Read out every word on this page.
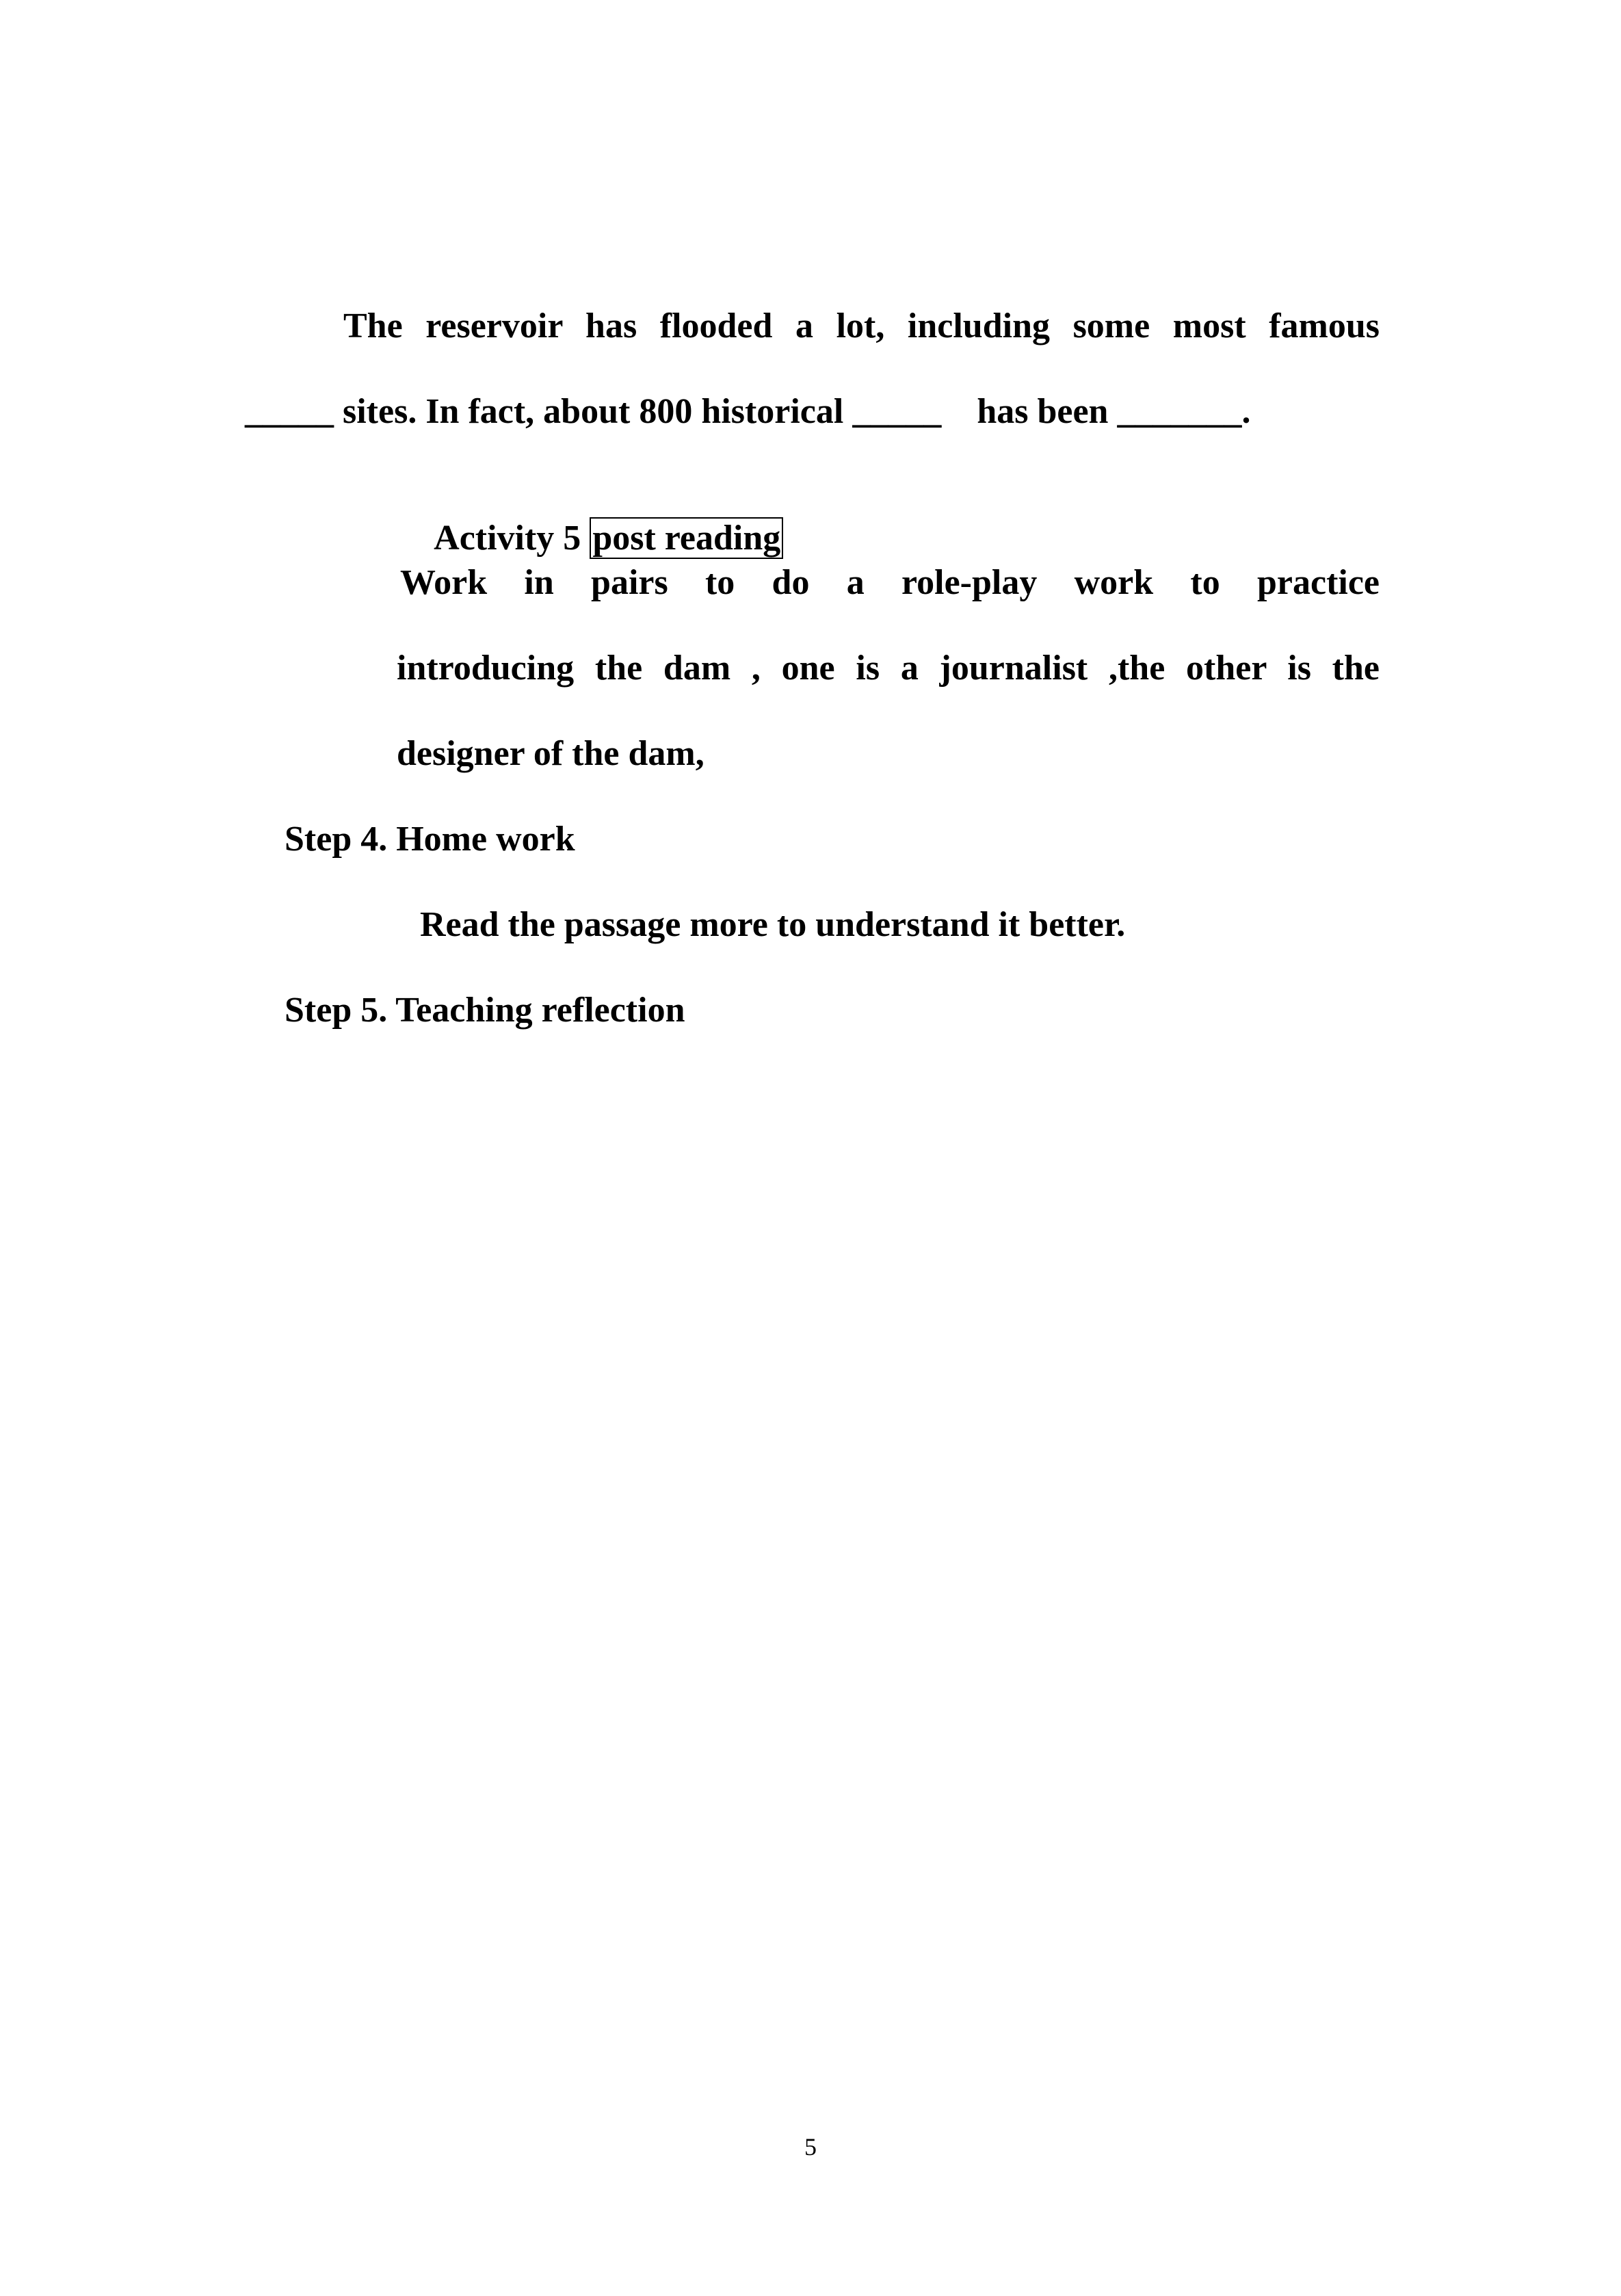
The reservoir has flooded a lot, including some most famous
_____ sites. In fact, about 800 historical _____    has been _______.

Activity 5 post reading

Work in pairs to do a role-play work to practice
introducing the dam , one is a journalist ,the other is the
designer of the dam,
Step 4. Home work
Read the passage more to understand it better.
Step 5. Teaching reflection
5
